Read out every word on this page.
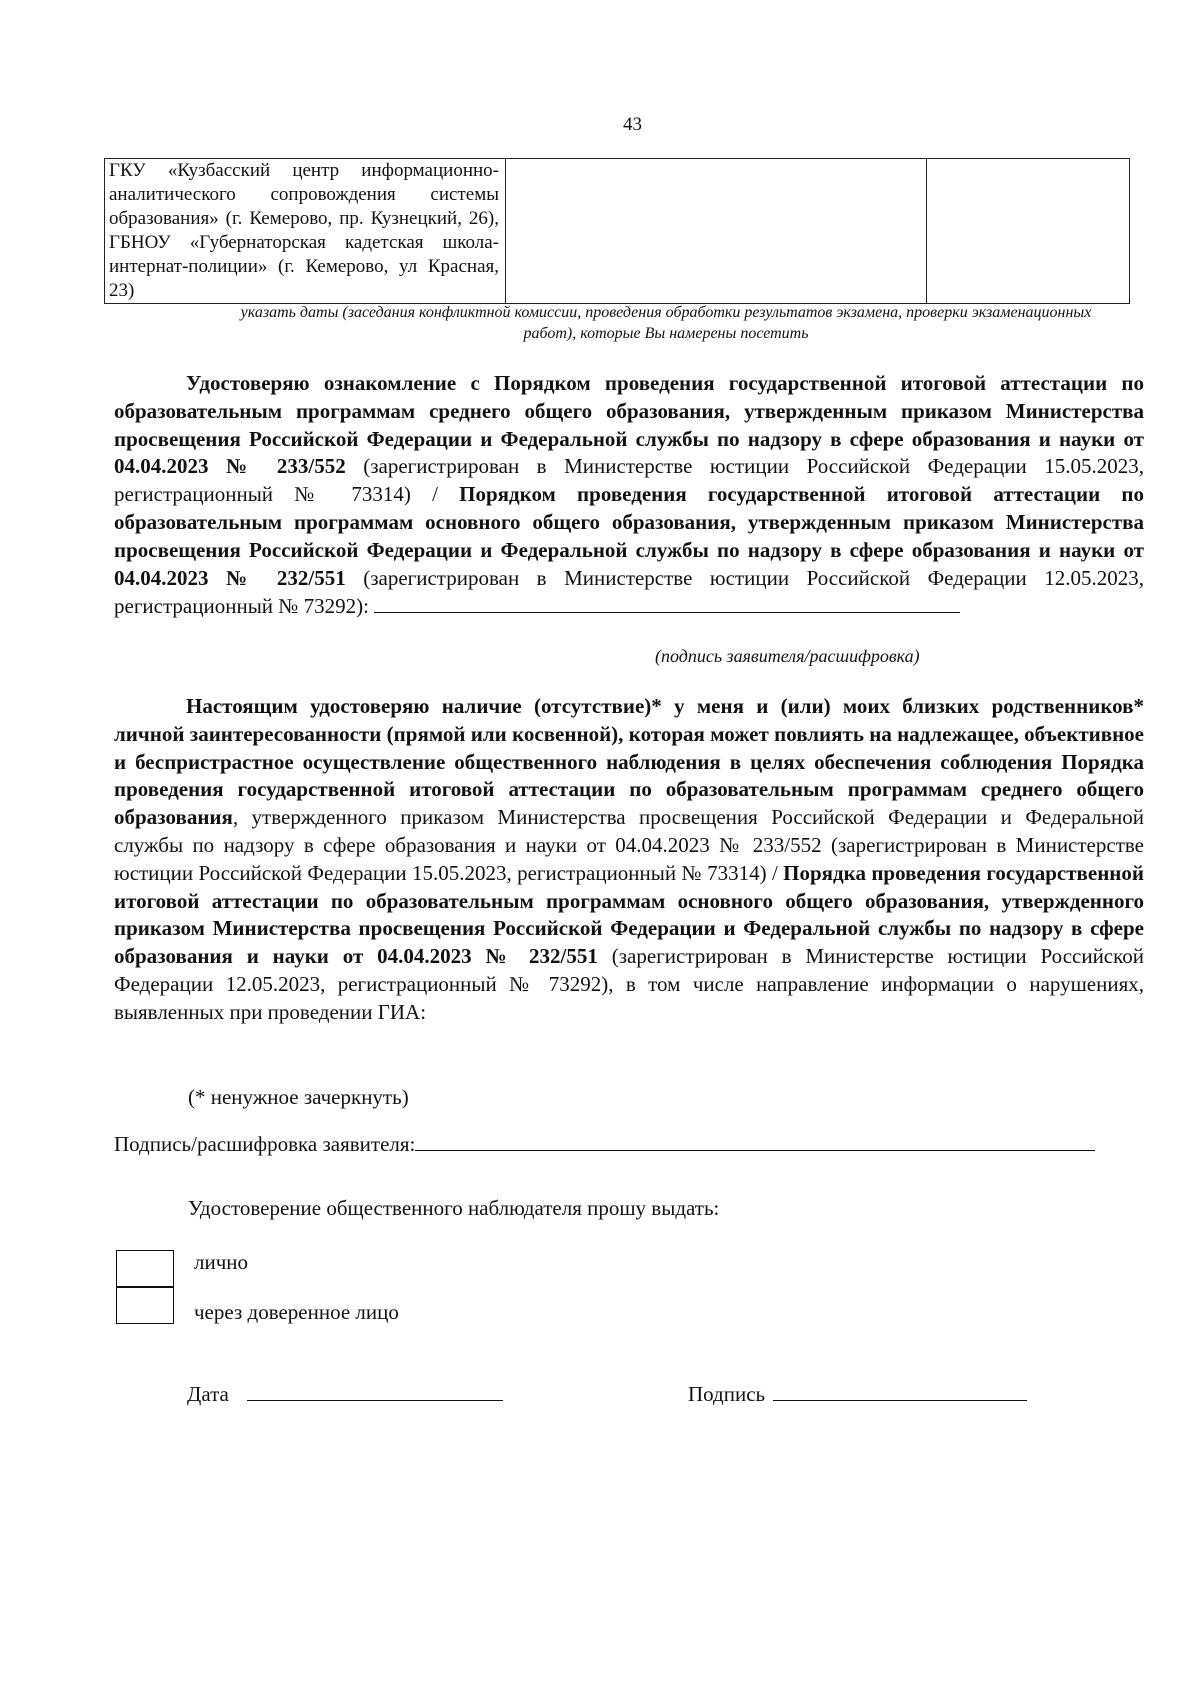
43
ГКУ «Кузбасский центр информационно-аналитического сопровождения системы образования» (г. Кемерово, пр. Кузнецкий, 26), ГБНОУ «Губернаторская кадетская школа-интернат-полиции» (г. Кемерово, ул Красная, 23)		
указать даты (заседания конфликтной комиссии, проведения обработки результатов экзамена, проверки экзаменационных работ), которые Вы намерены посетить
Удостоверяю ознакомление с Порядком проведения государственной итоговой аттестации по образовательным программам среднего общего образования, утвержденным приказом Министерства просвещения Российской Федерации и Федеральной службы по надзору в сфере образования и науки от 04.04.2023 № 233/552 (зарегистрирован в Министерстве юстиции Российской Федерации 15.05.2023, регистрационный № 73314) / Порядком проведения государственной итоговой аттестации по образовательным программам основного общего образования, утвержденным приказом Министерства просвещения Российской Федерации и Федеральной службы по надзору в сфере образования и науки от 04.04.2023 № 232/551 (зарегистрирован в Министерстве юстиции Российской Федерации 12.05.2023, регистрационный № 73292):
(подпись заявителя/расшифровка)
Настоящим удостоверяю наличие (отсутствие)* у меня и (или) моих близких родственников* личной заинтересованности (прямой или косвенной), которая может повлиять на надлежащее, объективное и беспристрастное осуществление общественного наблюдения в целях обеспечения соблюдения Порядка проведения государственной итоговой аттестации по образовательным программам среднего общего образования, утвержденного приказом Министерства просвещения Российской Федерации и Федеральной службы по надзору в сфере образования и науки от 04.04.2023 № 233/552 (зарегистрирован в Министерстве юстиции Российской Федерации 15.05.2023, регистрационный № 73314) / Порядка проведения государственной итоговой аттестации по образовательным программам основного общего образования, утвержденного приказом Министерства просвещения Российской Федерации и Федеральной службы по надзору в сфере образования и науки от 04.04.2023 № 232/551 (зарегистрирован в Министерстве юстиции Российской Федерации 12.05.2023, регистрационный № 73292), в том числе направление информации о нарушениях, выявленных при проведении ГИА:
(* ненужное зачеркнуть)
Подпись/расшифровка заявителя:
Удостоверение общественного наблюдателя прошу выдать:
лично
через доверенное лицо
Дата	Подпись
